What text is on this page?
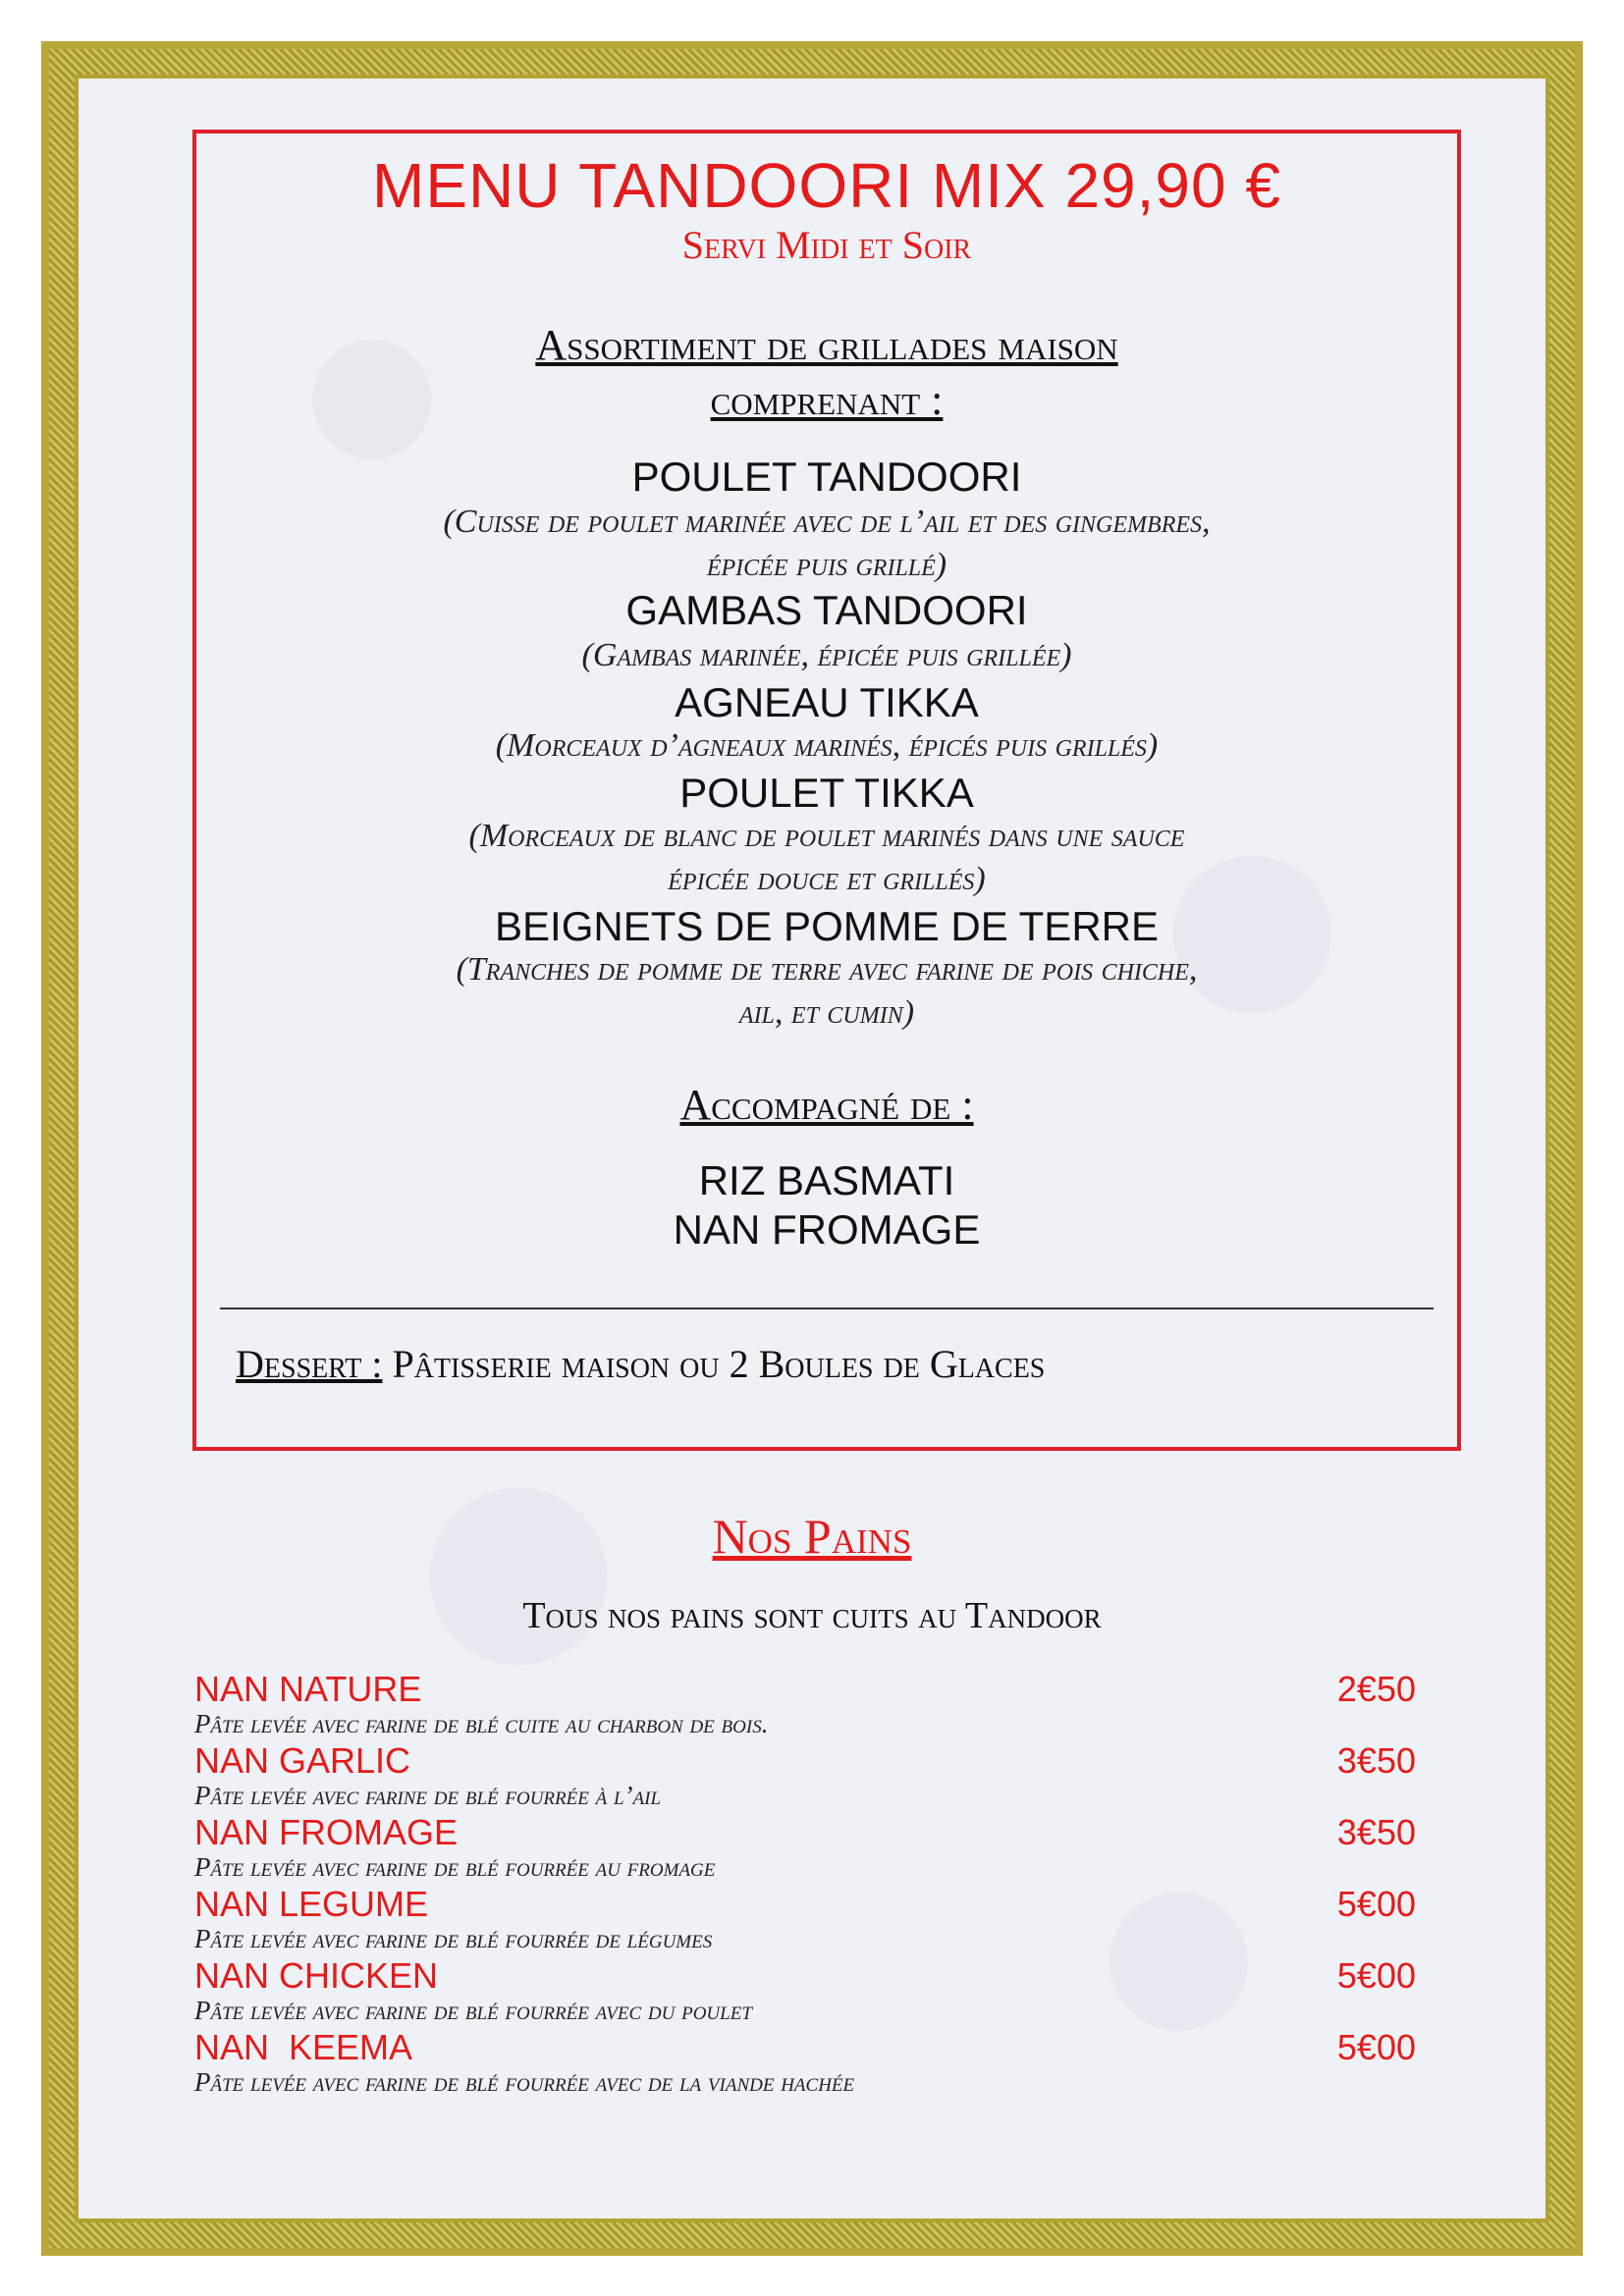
MENU TANDOORI MIX 29,90 €
Servi Midi et Soir
Assortiment de grillades maison
comprenant :
POULET TANDOORI
(Cuisse de poulet marinée avec de l’ail et des gingembres,
épicée puis grillé)
GAMBAS TANDOORI
(Gambas marinée, épicée puis grillée)
AGNEAU TIKKA
(Morceaux d’agneaux marinés, épicés puis grillés)
POULET TIKKA
(Morceaux de blanc de poulet marinés dans une sauce
épicée douce et grillés)
BEIGNETS DE POMME DE TERRE
(Tranches de pomme de terre avec farine de pois chiche,
ail, et cumin)
Accompagné de :
RIZ BASMATI
NAN FROMAGE
Dessert : Pâtisserie maison ou 2 Boules de Glaces
Nos Pains
Tous nos pains sont cuits au Tandoor
NAN NATURE	2€50
Pâte levée avec farine de blé cuite au charbon de bois.
NAN GARLIC	3€50
Pâte levée avec farine de blé fourrée à l’ail
NAN FROMAGE	3€50
Pâte levée avec farine de blé fourrée au fromage
NAN LEGUME	5€00
Pâte levée avec farine de blé fourrée de légumes
NAN CHICKEN	5€00
Pâte levée avec farine de blé fourrée avec du poulet
NAN  KEEMA	5€00
Pâte levée avec farine de blé fourrée avec de la viande hachée
